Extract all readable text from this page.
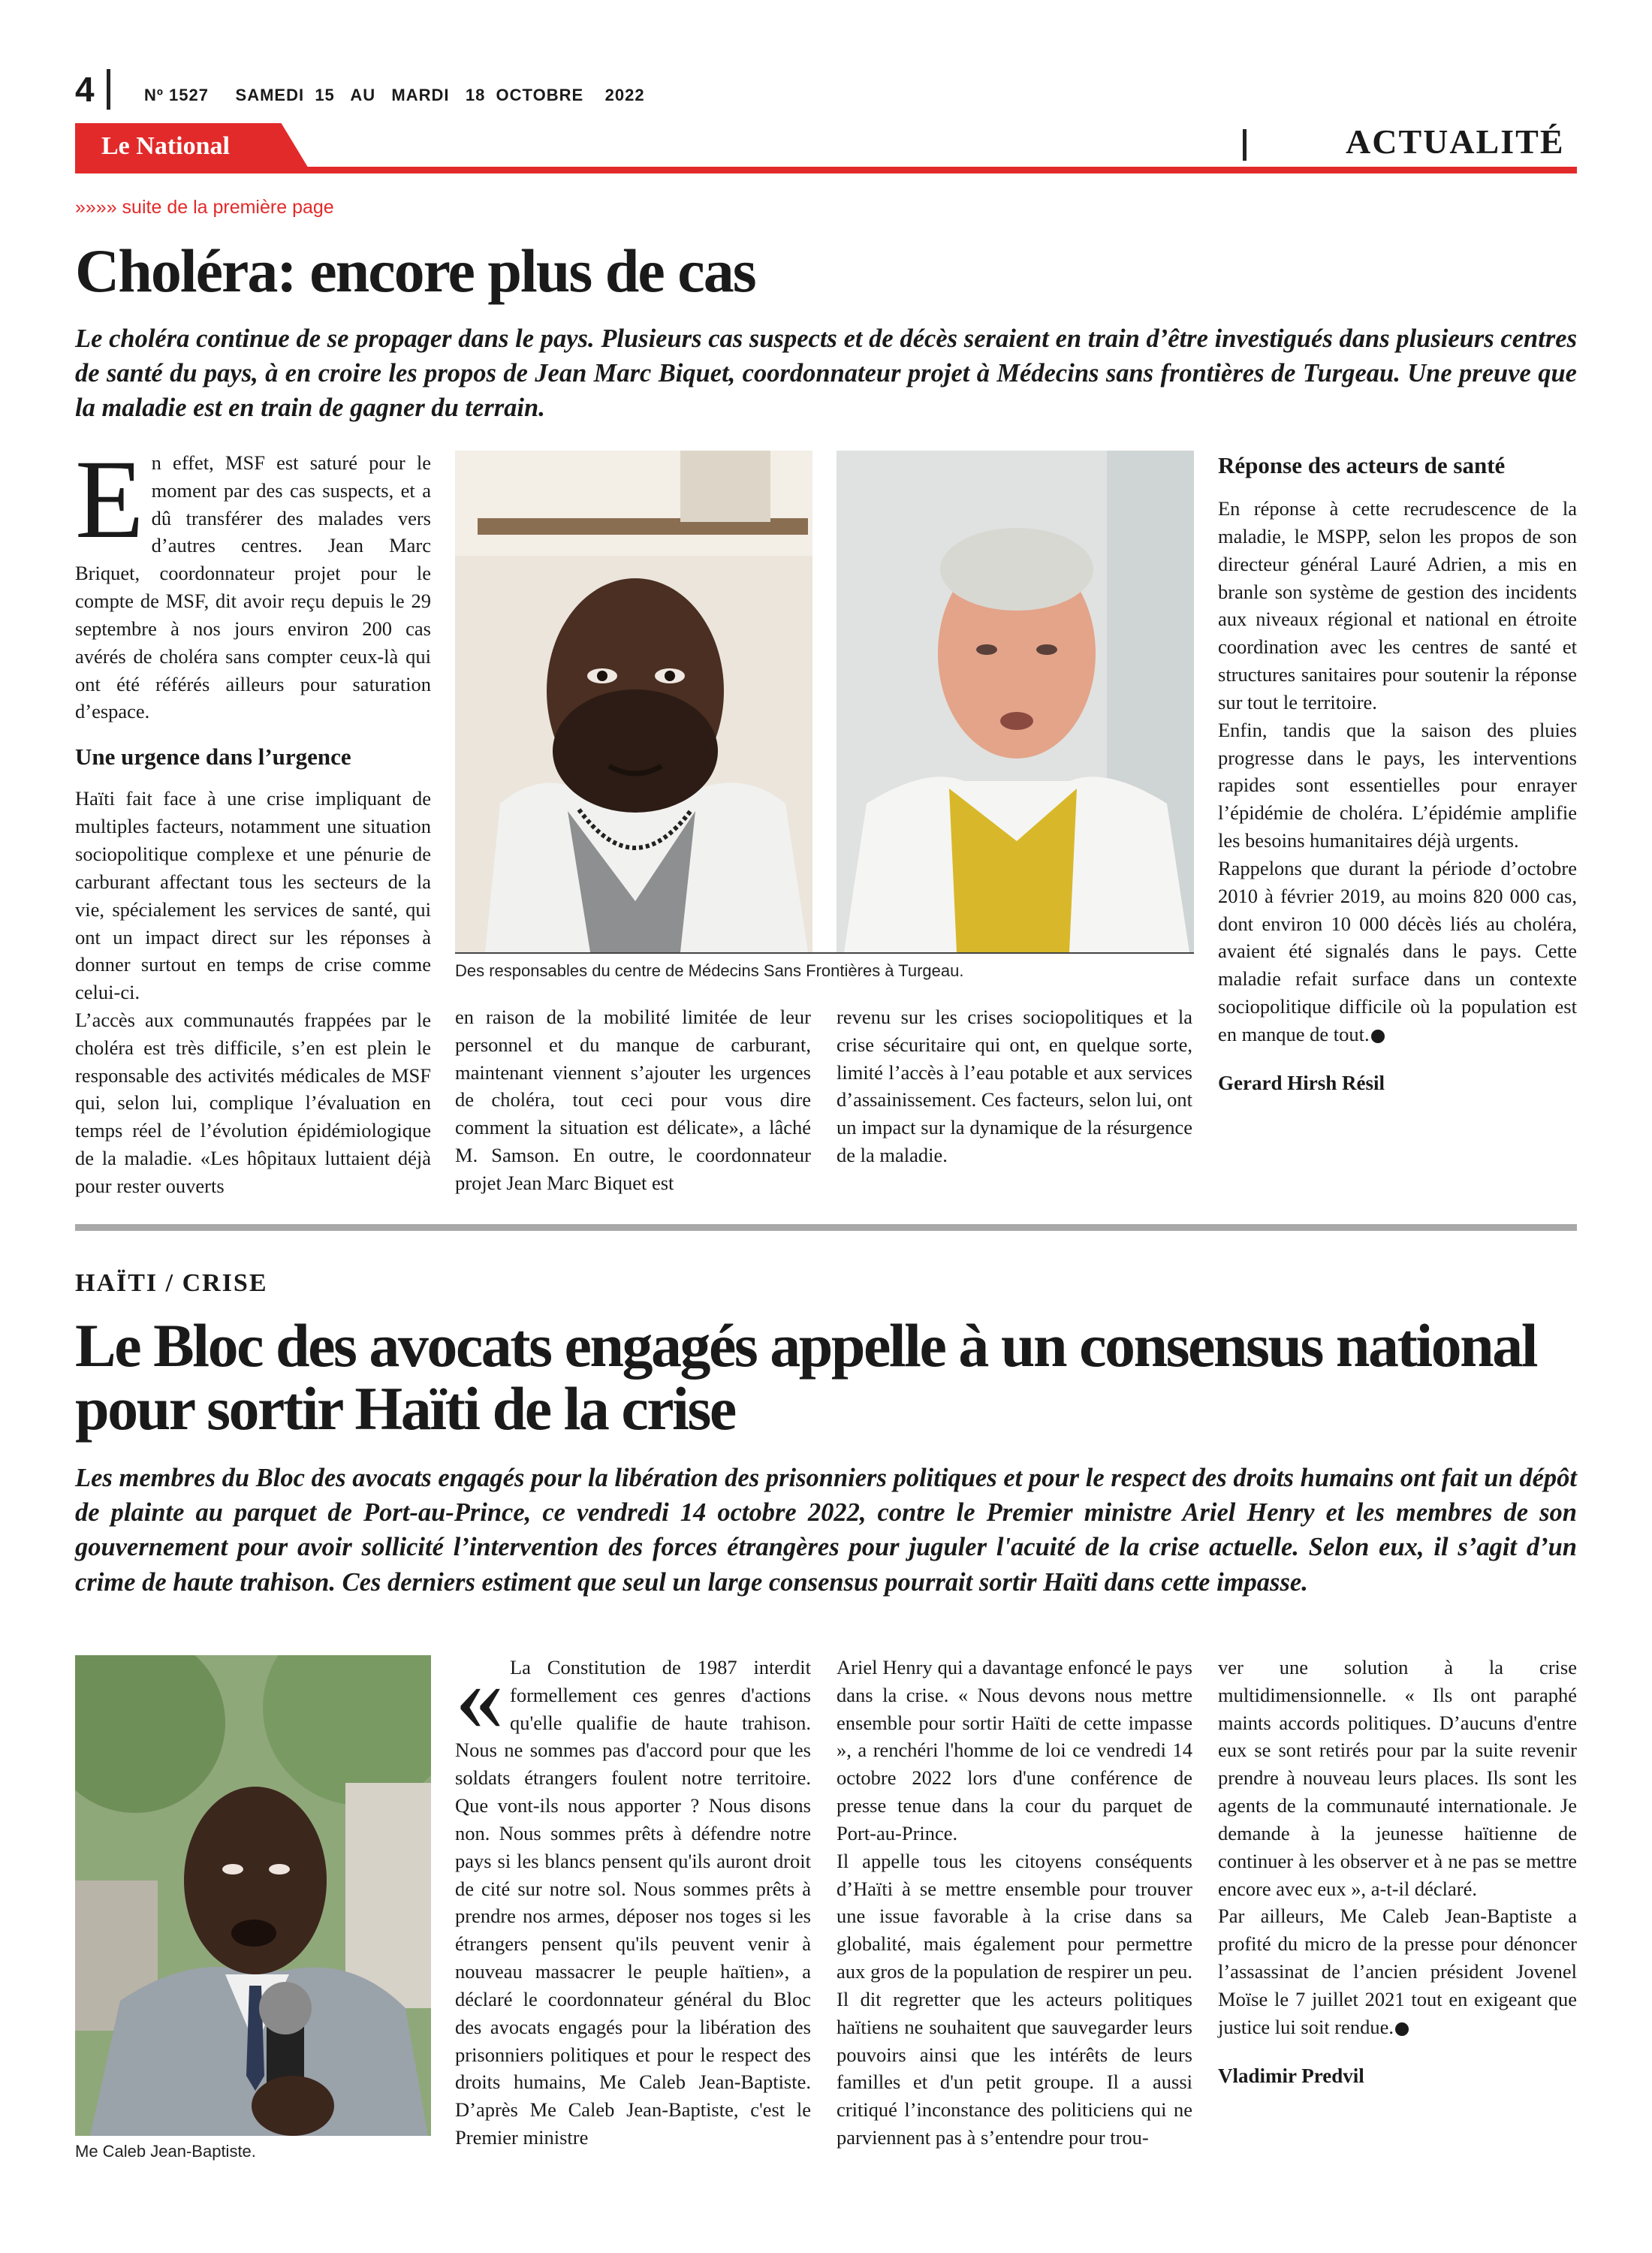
4	Nº 1527     SAMEDI  15   AU   MARDI   18  OCTOBRE    2022
Le National	ACTUALITÉ
»»»» suite de la première page
Choléra: encore plus de cas
Le choléra continue de se propager dans le pays. Plusieurs cas suspects et de décès seraient en train d’être investigués dans plusieurs centres de santé du pays, à en croire les propos de Jean Marc Biquet, coordonnateur projet à Médecins sans frontières de Turgeau. Une preuve que la maladie est en train de gagner du terrain.

En effet, MSF est saturé pour le moment par des cas suspects, et a dû transférer des malades vers d’autres centres. Jean Marc Briquet, coordonnateur projet pour le compte de MSF, dit avoir reçu depuis le 29 septembre à nos jours environ 200 cas avérés de choléra sans compter ceux-là qui ont été référés ailleurs pour saturation d’espace.

Une urgence dans l’urgence

Haïti fait face à une crise impliquant de multiples facteurs, notamment une situation sociopolitique complexe et une pénurie de carburant affectant tous les secteurs de la vie, spécialement les services de santé, qui ont un impact direct sur les réponses à donner surtout en temps de crise comme celui-ci.

L’accès aux communautés frappées par le choléra est très difficile, s’en est plein le responsable des activités médicales de MSF qui, selon lui, complique l’évaluation en temps réel de l’évolution épidémiologique de la maladie. «Les hôpitaux luttaient déjà pour rester ouverts

Des responsables du centre de Médecins Sans Frontières à Turgeau.

en raison de la mobilité limitée de leur personnel et du manque de carburant, maintenant viennent s’ajouter les urgences de choléra, tout ceci pour vous dire comment la situation est délicate», a lâché M. Samson. En outre, le coordonnateur projet Jean Marc Biquet est

revenu sur les crises sociopolitiques et la crise sécuritaire qui ont, en quelque sorte, limité l’accès à l’eau potable et aux services d’assainissement. Ces facteurs, selon lui, ont un impact sur la dynamique de la résurgence de la maladie.

Réponse des acteurs de santé

En réponse à cette recrudescence de la maladie, le MSPP, selon les propos de son directeur général Lauré Adrien, a mis en branle son système de gestion des incidents aux niveaux régional et national en étroite coordination avec les centres de santé et structures sanitaires pour soutenir la réponse sur tout le territoire.

Enfin, tandis que la saison des pluies progresse dans le pays, les interventions rapides sont essentielles pour enrayer l’épidémie de choléra. L’épidémie amplifie les besoins humanitaires déjà urgents.

Rappelons que durant la période d’octobre 2010 à février 2019, au moins 820 000 cas, dont environ 10 000 décès liés au choléra, avaient été signalés dans le pays. Cette maladie refait surface dans un contexte sociopolitique difficile où la population est en manque de tout.

Gerard Hirsh Résil
HAÏTI / CRISE
Le Bloc des avocats engagés appelle à un consensus national pour sortir Haïti de la crise
Les membres du Bloc des avocats engagés pour la libération des prisonniers politiques et pour le respect des droits humains ont fait un dépôt de plainte au parquet de Port-au-Prince, ce vendredi 14 octobre 2022, contre le Premier ministre Ariel Henry et les membres de son gouvernement pour avoir sollicité l’intervention des forces étrangères pour juguler l'acuité de la crise actuelle. Selon eux, il s’agit d’un crime de haute trahison. Ces derniers estiment que seul un large consensus pourrait sortir Haïti dans cette impasse.
Me Caleb Jean-Baptiste.

« La Constitution de 1987 interdit formellement ces genres d'actions qu'elle qualifie de haute trahison. Nous ne sommes pas d'accord pour que les soldats étrangers foulent notre territoire. Que vont-ils nous apporter ? Nous disons non. Nous sommes prêts à défendre notre pays si les blancs pensent qu'ils auront droit de cité sur notre sol. Nous sommes prêts à prendre nos armes, déposer nos toges si les étrangers pensent qu'ils peuvent venir à nouveau massacrer le peuple haïtien», a déclaré le coordonnateur général du Bloc des avocats engagés pour la libération des prisonniers politiques et pour le respect des droits humains, Me Caleb Jean-Baptiste. D’après Me Caleb Jean-Baptiste, c'est le Premier ministre

Ariel Henry qui a davantage enfoncé le pays dans la crise. « Nous devons nous mettre ensemble pour sortir Haïti de cette impasse », a renchéri l'homme de loi ce vendredi 14 octobre 2022 lors d'une conférence de presse tenue dans la cour du parquet de Port-au-Prince.

Il appelle tous les citoyens conséquents d’Haïti à se mettre ensemble pour trouver une issue favorable à la crise dans sa globalité, mais également pour permettre aux gros de la population de respirer un peu. Il dit regretter que les acteurs politiques haïtiens ne souhaitent que sauvegarder leurs pouvoirs ainsi que les intérêts de leurs familles et d'un petit groupe. Il a aussi critiqué l’inconstance des politiciens qui ne parviennent pas à s’entendre pour trou-

ver une solution à la crise multidimensionnelle. « Ils ont paraphé maints accords politiques. D’aucuns d'entre eux se sont retirés pour par la suite revenir prendre à nouveau leurs places. Ils sont les agents de la communauté internationale. Je demande à la jeunesse haïtienne de continuer à les observer et à ne pas se mettre encore avec eux », a-t-il déclaré.

Par ailleurs, Me Caleb Jean-Baptiste a profité du micro de la presse pour dénoncer l’assassinat de l’ancien président Jovenel Moïse le 7 juillet 2021 tout en exigeant que justice lui soit rendue.

Vladimir Predvil
